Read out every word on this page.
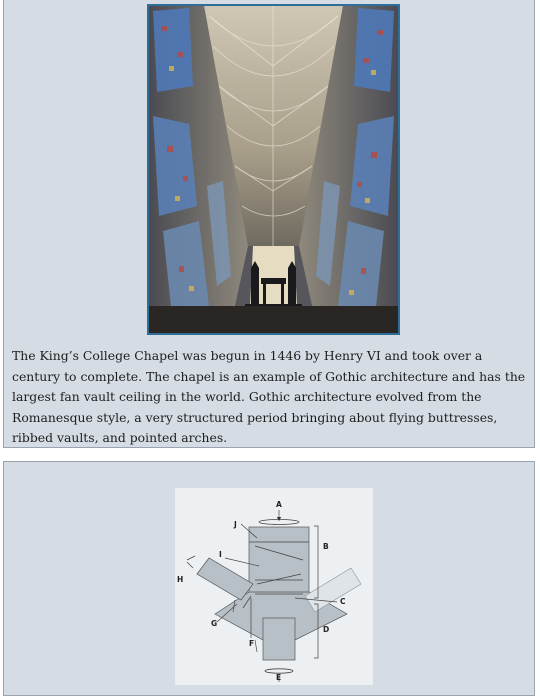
The King’s College Chapel was begun in 1446 by Henry VI and took over a century to complete. The chapel is an example of Gothic architecture and has the largest fan vault ceiling in the world. Gothic architecture evolved from the Romanesque style, a very structured period bringing about flying buttresses, ribbed vaults, and pointed arches.
A
B
C
D
E
F
G
H
I
J
